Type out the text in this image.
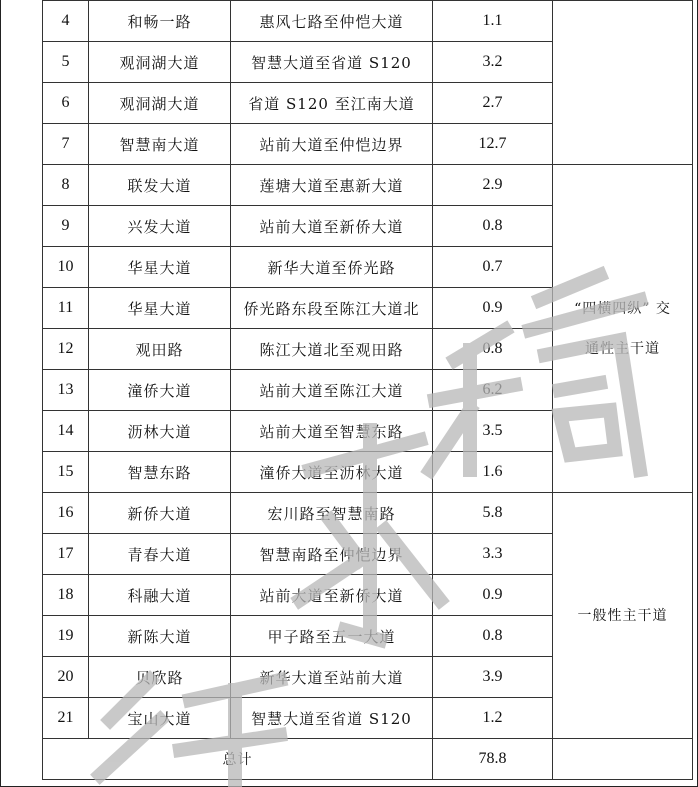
4	和畅一路	惠风七路至仲恺大道	1.1	
5	观洞湖大道	智慧大道至省道 S120	3.2	
6	观洞湖大道	省道 S120 至江南大道	2.7	
7	智慧南大道	站前大道至仲恺边界	12.7	
8	联发大道	莲塘大道至惠新大道	2.9	“四横四纵” 交
通性主干道
9	兴发大道	站前大道至新侨大道	0.8	
10	华星大道	新华大道至侨光路	0.7	
11	华星大道	侨光路东段至陈江大道北	0.9	
12	观田路	陈江大道北至观田路	0.8	
13	潼侨大道	站前大道至陈江大道	6.2	
14	沥林大道	站前大道至智慧东路	3.5	
15	智慧东路	潼侨大道至沥林大道	1.6	
16	新侨大道	宏川路至智慧南路	5.8	一般性主干道
17	青春大道	智慧南路至仲恺边界	3.3	
18	科融大道	站前大道至新侨大道	0.9	
19	新陈大道	甲子路至五一大道	0.8	
20	贝欣路	新华大道至站前大道	3.9	
21	宝山大道	智慧大道至省道 S120	1.2	
总计			78.8	
